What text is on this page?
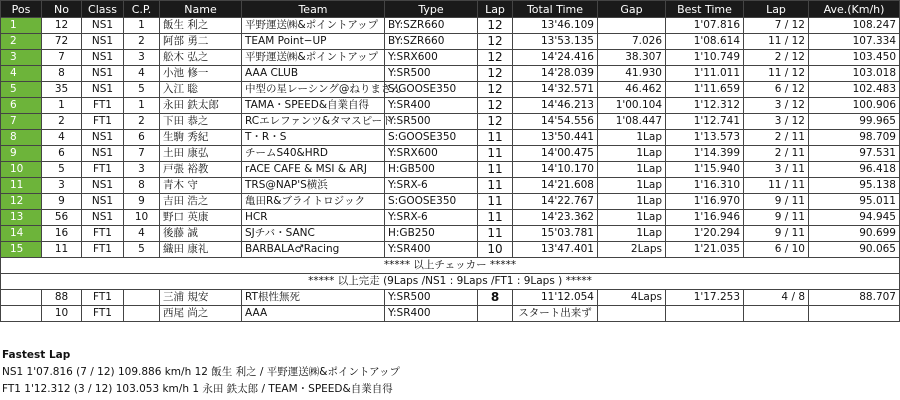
Pos	No	Class	C.P.	Name	Team	Type	Lap	Total Time	Gap	Best Time	Lap	Ave.(Km/h)
1	12	NS1	1	飯生 利之	平野運送㈱&ポイントアップ	BY:SZR660	12	13'46.109		1'07.816	7 / 12	108.247
2	72	NS1	2	阿部 勇二	TEAM Point−UP	BY:SZR660	12	13'53.135	7.026	1'08.614	11 / 12	107.334
3	7	NS1	3	舩木 弘之	平野運送㈱&ポイントアップ	Y:SRX600	12	14'24.416	38.307	1'10.749	2 / 12	103.450
4	8	NS1	4	小池 修一	AAA CLUB	Y:SR500	12	14'28.039	41.930	1'11.011	11 / 12	103.018
5	35	NS1	5	入江 聡	中型の星レーシング@ねりまさん	S:GOOSE350	12	14'32.571	46.462	1'11.659	6 / 12	102.483
6	1	FT1	1	永田 鉄太郎	TAMA・SPEED&自業自得	Y:SR400	12	14'46.213	1'00.104	1'12.312	3 / 12	100.906
7	2	FT1	2	下田 恭之	RCエレファンツ&タマスピード	Y:SR500	12	14'54.556	1'08.447	1'12.741	3 / 12	99.965
8	4	NS1	6	生駒 秀紀	T・R・S	S:GOOSE350	11	13'50.441	1Lap	1'13.573	2 / 11	98.709
9	6	NS1	7	土田 康弘	チームS40&HRD	Y:SRX600	11	14'00.475	1Lap	1'14.399	2 / 11	97.531
10	5	FT1	3	戸張 裕教	rACE CAFE & MSI & ARJ	H:GB500	11	14'10.170	1Lap	1'15.940	3 / 11	96.418
11	3	NS1	8	青木 守	TRS@NAP'S横浜	Y:SRX-6	11	14'21.608	1Lap	1'16.310	11 / 11	95.138
12	9	NS1	9	吉田 浩之	亀田R&ブライトロジック	S:GOOSE350	11	14'22.767	1Lap	1'16.970	9 / 11	95.011
13	56	NS1	10	野口 英康	HCR	Y:SRX-6	11	14'23.362	1Lap	1'16.946	9 / 11	94.945
14	16	FT1	4	後藤 誠	SJチバ・SANC	H:GB250	11	15'03.781	1Lap	1'20.294	9 / 11	90.699
15	11	FT1	5	織田 康礼	BARBALA♂Racing	Y:SR400	10	13'47.401	2Laps	1'21.035	6 / 10	90.065
***** 以上チェッカー *****												
***** 以上完走 (9Laps /NS1 : 9Laps /FT1 : 9Laps ) *****												
	88	FT1		三浦 規安	RT根性無死	Y:SR500	8	11'12.054	4Laps	1'17.253	4 / 8	88.707
	10	FT1		西尾 尚之	AAA	Y:SR400		スタート出来ず				
Fastest Lap
NS1 1'07.816 (7 / 12) 109.886 km/h 12 飯生 利之 / 平野運送㈱&ポイントアップ
FT1 1'12.312 (3 / 12) 103.053 km/h 1 永田 鉄太郎 / TEAM・SPEED&自業自得
